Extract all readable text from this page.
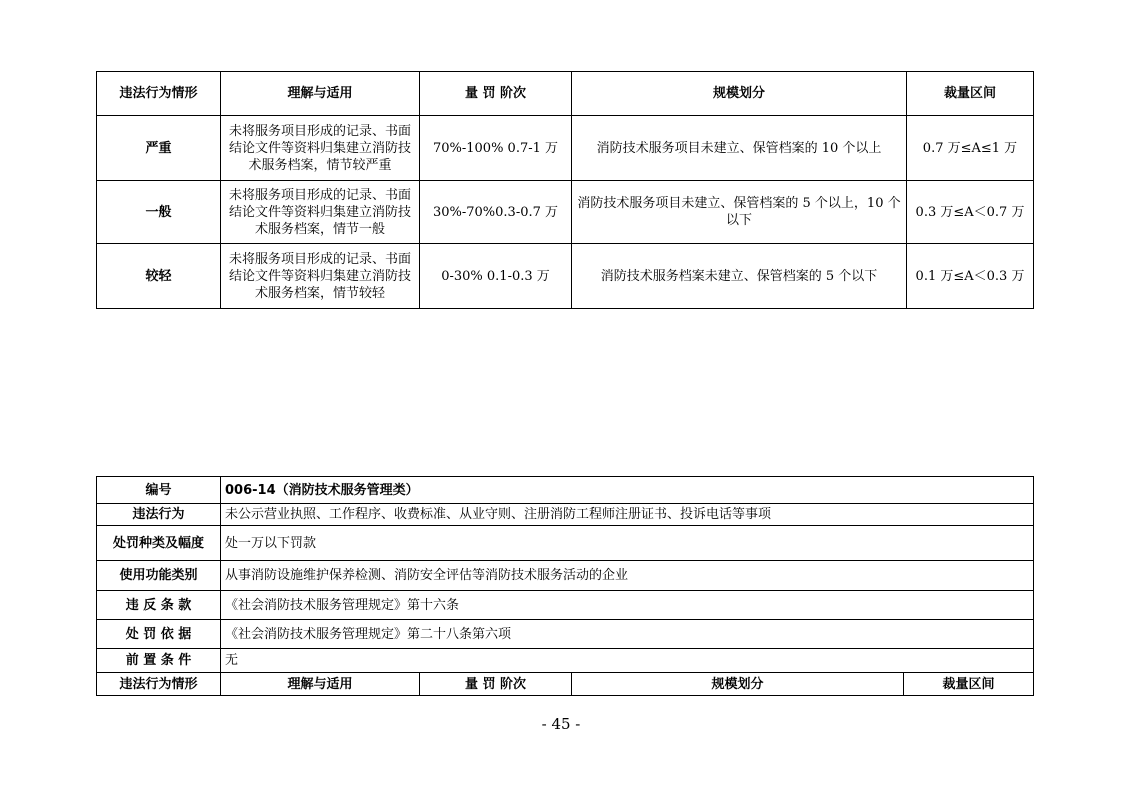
违法行为情形	理解与适用	量 罚 阶次	规模划分	裁量区间
严重	未将服务项目形成的记录、书面结论文件等资料归集建立消防技术服务档案，情节较严重	70%-100% 0.7-1 万	消防技术服务项目未建立、保管档案的 10 个以上	0.7 万≤A≤1 万
一般	未将服务项目形成的记录、书面结论文件等资料归集建立消防技术服务档案，情节一般	30%-70%0.3-0.7 万	消防技术服务项目未建立、保管档案的 5 个以上，10 个以下	0.3 万≤A＜0.7 万
较轻	未将服务项目形成的记录、书面结论文件等资料归集建立消防技术服务档案，情节较轻	0-30% 0.1-0.3 万	消防技术服务档案未建立、保管档案的 5 个以下	0.1 万≤A＜0.3 万
编号	006-14（消防技术服务管理类）			
违法行为	未公示营业执照、工作程序、收费标准、从业守则、注册消防工程师注册证书、投诉电话等事项			
处罚种类及幅度	处一万以下罚款			
使用功能类别	从事消防设施维护保养检测、消防安全评估等消防技术服务活动的企业			
违 反 条 款	《社会消防技术服务管理规定》第十六条			
处 罚 依 据	《社会消防技术服务管理规定》第二十八条第六项			
前 置 条 件	无			
违法行为情形	理解与适用	量 罚 阶次	规模划分	裁量区间
- 45 -
